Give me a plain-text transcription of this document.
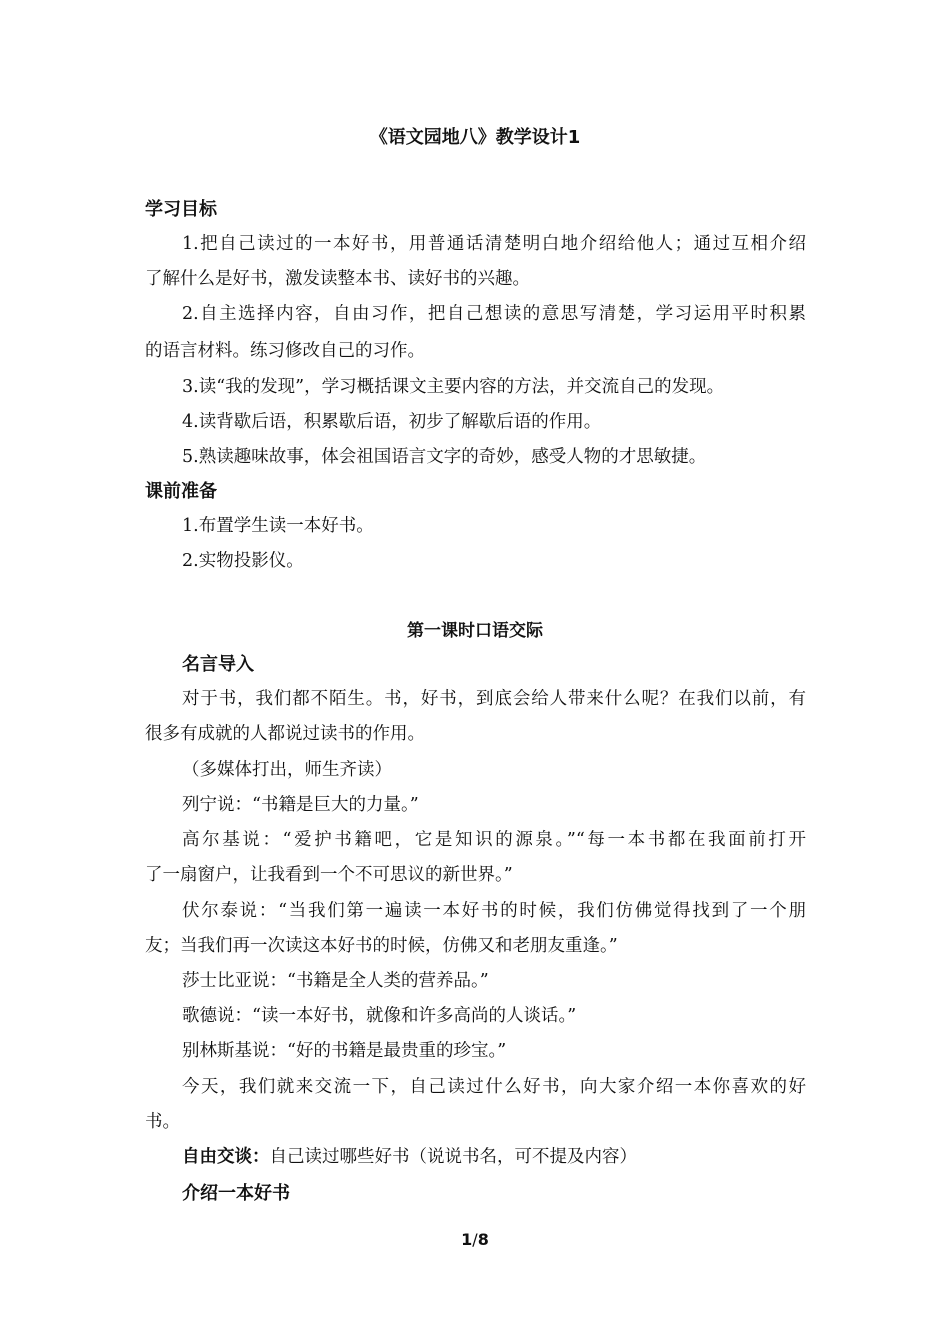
《语文园地八》教学设计1
学习目标
1.把自己读过的一本好书，用普通话清楚明白地介绍给他人；通过互相介绍
了解什么是好书，激发读整本书、读好书的兴趣。
2.自主选择内容，自由习作，把自己想读的意思写清楚，学习运用平时积累
的语言材料。练习修改自己的习作。
3.读“我的发现”，学习概括课文主要内容的方法，并交流自己的发现。
4.读背歇后语，积累歇后语，初步了解歇后语的作用。
5.熟读趣味故事，体会祖国语言文字的奇妙，感受人物的才思敏捷。
课前准备
1.布置学生读一本好书。
2.实物投影仪。
第一课时口语交际
名言导入
对于书，我们都不陌生。书，好书，到底会给人带来什么呢？在我们以前，有
很多有成就的人都说过读书的作用。
（多媒体打出，师生齐读）
列宁说：“书籍是巨大的力量。”
高尔基说：“爱护书籍吧，它是知识的源泉。”“每一本书都在我面前打开
了一扇窗户，让我看到一个不可思议的新世界。”
伏尔泰说：“当我们第一遍读一本好书的时候，我们仿佛觉得找到了一个朋
友；当我们再一次读这本好书的时候，仿佛又和老朋友重逢。”
莎士比亚说：“书籍是全人类的营养品。”
歌德说：“读一本好书，就像和许多高尚的人谈话。”
别林斯基说：“好的书籍是最贵重的珍宝。”
今天，我们就来交流一下，自己读过什么好书，向大家介绍一本你喜欢的好
书。
自由交谈：自己读过哪些好书（说说书名，可不提及内容）
介绍一本好书
1/8
